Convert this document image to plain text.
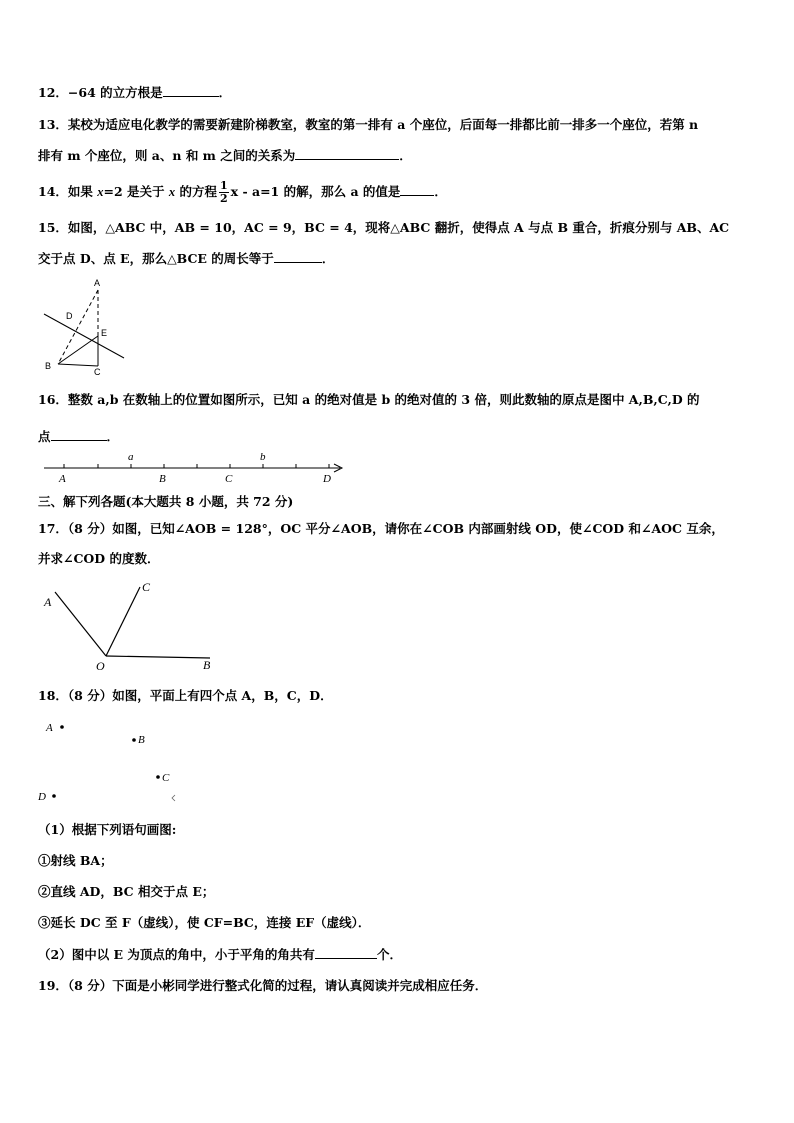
12．−64 的立方根是	．
13．某校为适应电化教学的需要新建阶梯教室，教室的第一排有 a 个座位，后面每一排都比前一排多一个座位，若第 n
排有 m 个座位，则 a、n 和 m 之间的关系为	．
14．如果 x=2 是关于 x 的方程 $\frac{1}{2}$ x - a=1 的解，那么 a 的值是	．
15．如图，△ABC 中，AB = 10，AC = 9，BC = 4，现将△ABC 翻折，使得点 A 与点 B 重合，折痕分别与 AB、AC
交于点 D、点 E，那么△BCE 的周长等于	．
A
D
E
B
C
16．整数 a,b 在数轴上的位置如图所示，已知 a 的绝对值是 b 的绝对值的 3 倍，则此数轴的原点是图中 A,B,C,D 的
点	．
a	b
A	B	C	D
三、解下列各题(本大题共 8 小题，共 72 分)
17．（8 分）如图，已知∠AOB = 128°，OC 平分∠AOB，请你在∠COB 内部画射线 OD，使∠COD 和∠AOC 互余，
并求∠COD 的度数．
A
C
O	B
18．（8 分）如图，平面上有四个点 A，B，C，D．
A
B
C
D
（1）根据下列语句画图:
①射线 BA；
②直线 AD，BC 相交于点 E；
③延长 DC 至 F（虚线），使 CF=BC，连接 EF（虚线）．
（2）图中以 E 为顶点的角中，小于平角的角共有	个．
19．（8 分）下面是小彬同学进行整式化简的过程，请认真阅读并完成相应任务．
